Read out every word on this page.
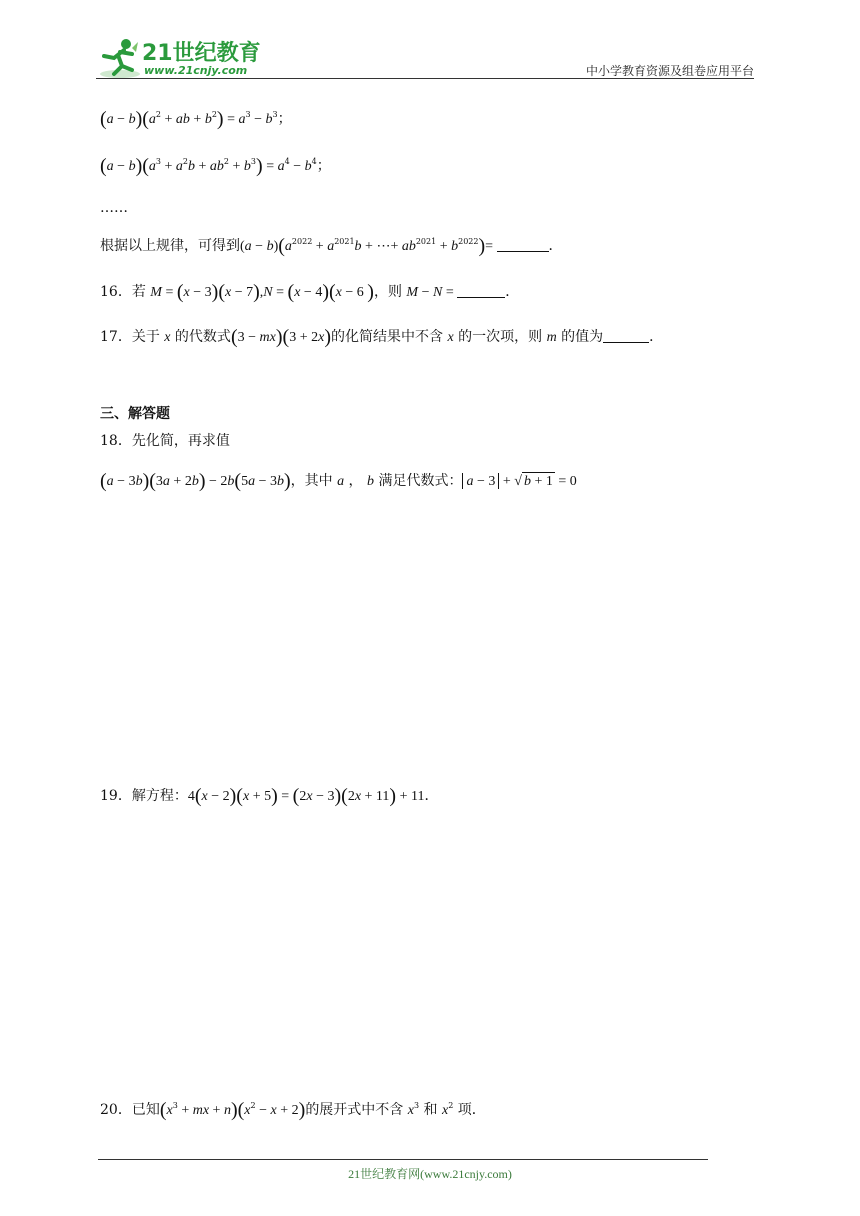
21世纪教育
www.21cnjy.com	中小学教育资源及组卷应用平台
$(a - b)(a^2$ + ab + $b^2) = a^3 - b^3$；
$(a - b)(a^3 + a^2b + ab^2 + b^3) = a^4 - b^4$；
……
根据以上规律，可得到$(a - b)(a^{2022} + a^{2021}b$ + ⋯+ $ab^{2021} + b^{2022})=$	．
16．若 M = (x − 3)(x − 7),N = (x − 4)(x − 6 )，则 M − N =	．
17．关于 x 的代数式(3 − mx)(3 + 2x)的化简结果中不含 x 的一次项，则 m 的值为	．
三、解答题
18．先化简，再求值
(a − 3b)(3a + 2b) − 2b(5a − 3b)，其中 a ， b 满足代数式： a − 3 + √ b + 1 = 0
19．解方程：4(x − 2)(x + 5) = (2x − 3)(2x + 11) + 11．
20．已知($x^3$ + mx + $n)(x^2 - x + 2)$的展开式中不含 $x^3$ 和 $x^2$ 项．
21世纪教育网(www.21cnjy.com)
